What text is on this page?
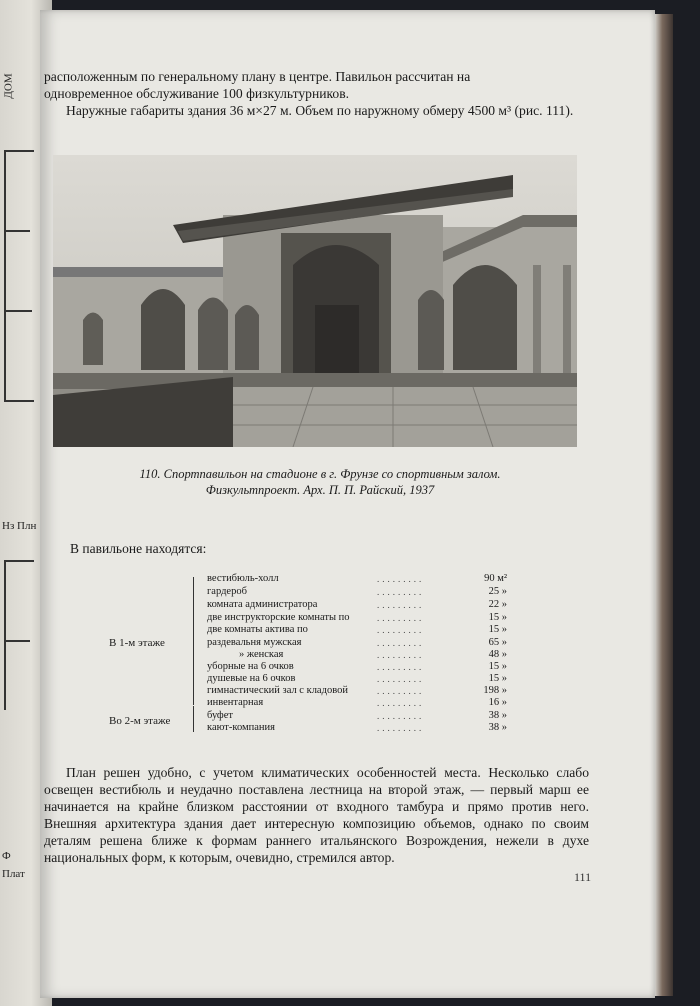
ДОМ
Нз Плн
Ф
Плат

расположенным по генеральному плану в центре. Павильон рассчитан на

одновременное обслуживание 100 физкультурников.

Наружные габариты здания 36 м×27 м. Объем по наружному обмеру 4500 м³ (рис. 111).

110. Спортпавильон на стадионе в г. Фрунзе со спортивным залом.
Физкультпроект. Арх. П. П. Райский, 1937
В павильоне находятся:
В 1-м этаже
Во 2-м этаже
вестибюль-холл	.........	90 м²
гардероб	.........	25 »
комната администратора	.........	22 »
две инструкторские комнаты по	.........	15 »
две комнаты актива по	.........	15 »
раздевальня мужская	.........	65 »
» женская	.........	48 »
уборные на 6 очков	.........	15 »
душевые на 6 очков	.........	15 »
гимнастический зал с кладовой	.........	198 »
инвентарная	.........	16 »
буфет	.........	38 »
кают-компания	.........	38 »
План решен удобно, с учетом климатических особенностей места. Несколько слабо освещен вестибюль и неудачно поставлена лестница на второй этаж, — первый марш ее начинается на крайне близком расстоянии от входного тамбура и прямо против него. Внешняя архитектура здания дает интересную композицию объемов, однако по своим деталям решена ближе к формам раннего итальянского Возрождения, нежели в духе национальных форм, к которым, очевидно, стремился автор.
111
